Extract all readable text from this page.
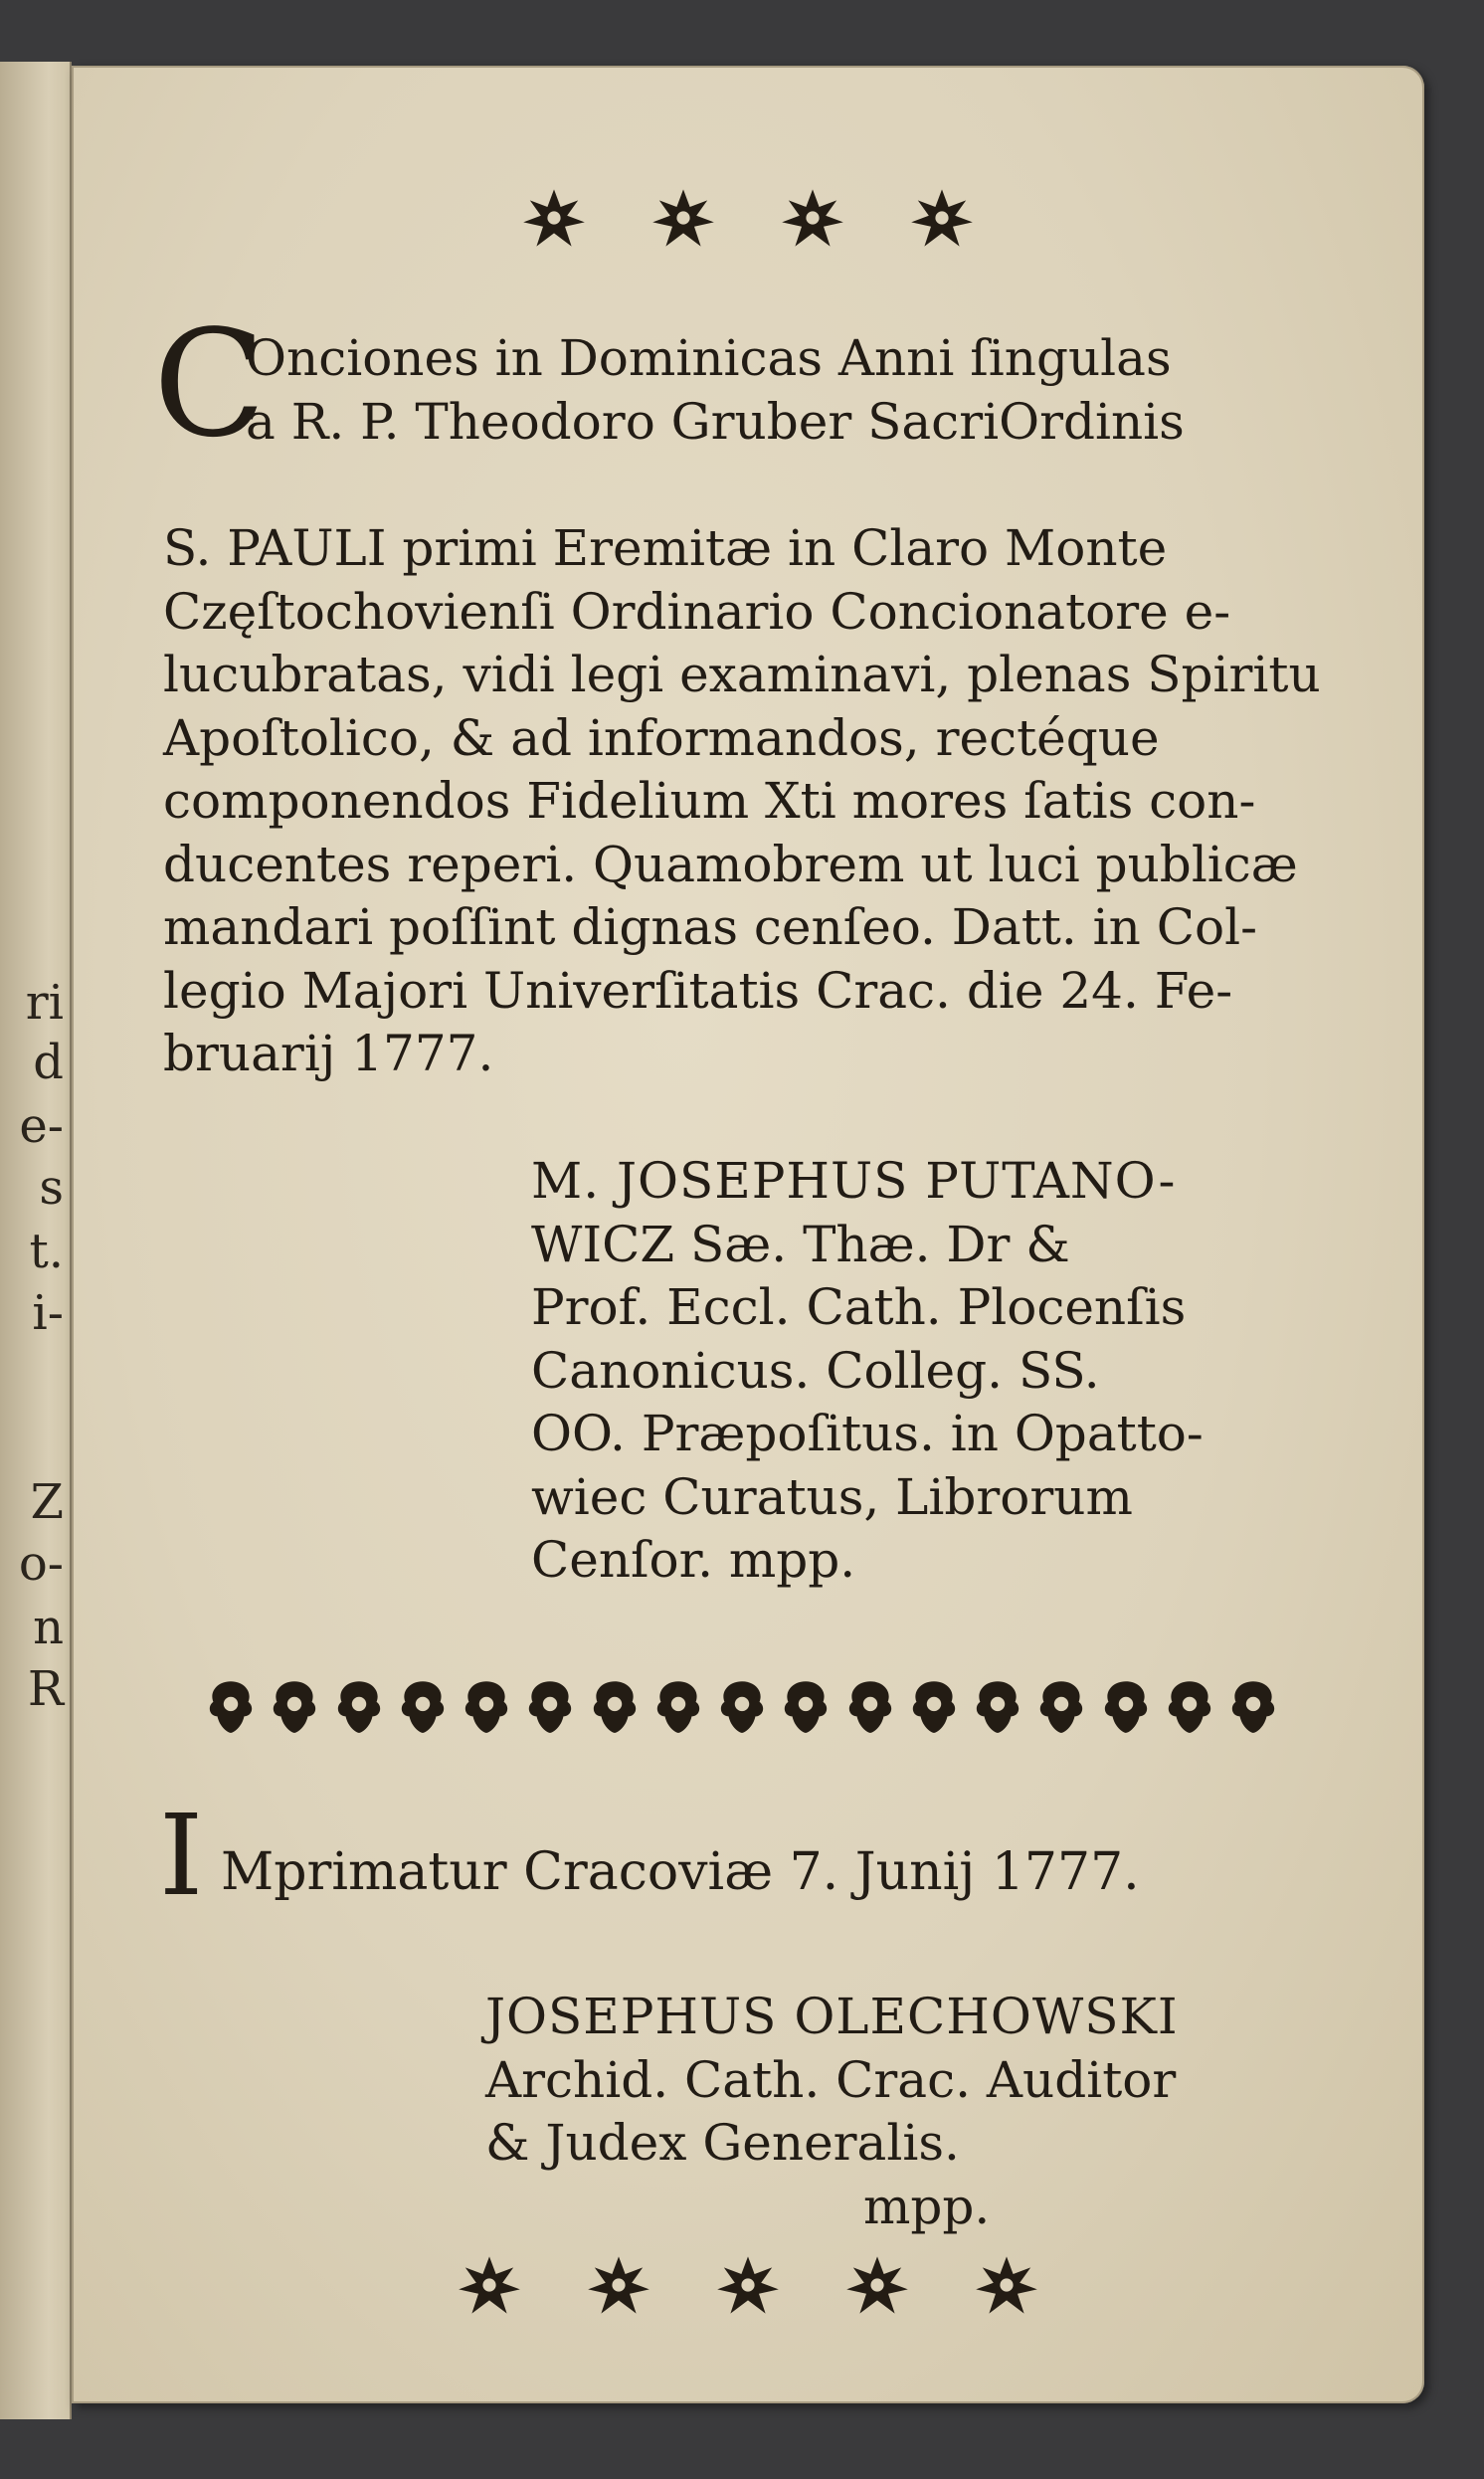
ri
d
e-
s
t.
i-
Z
o-
n
R
C
Onciones in Dominicas Anni ſingulas
a R. P. Theodoro Gruber SacriOrdinis
S. PAULI primi Eremitæ in Claro Monte
Częſtochovienſi Ordinario Concionatore e-
lucubratas, vidi legi examinavi, plenas Spiritu
Apoſtolico, & ad informandos, rectéque
componendos Fidelium Xti mores ſatis con-
ducentes reperi. Quamobrem ut luci publicæ
mandari poſſint dignas cenſeo. Datt. in Col-
legio Majori Univerſitatis Crac. die 24. Fe-
bruarij 1777.
M. JOSEPHUS PUTANO-
WICZ Sæ. Thæ. Dr &
Prof. Eccl. Cath. Plocenſis
Canonicus. Colleg. SS.
OO. Præpoſitus. in Opatto-
wiec Curatus, Librorum
Cenſor. mpp.
I Mprimatur Cracoviæ 7. Junij 1777.
JOSEPHUS OLECHOWSKI
Archid. Cath. Crac. Auditor
& Judex Generalis.
mpp.
